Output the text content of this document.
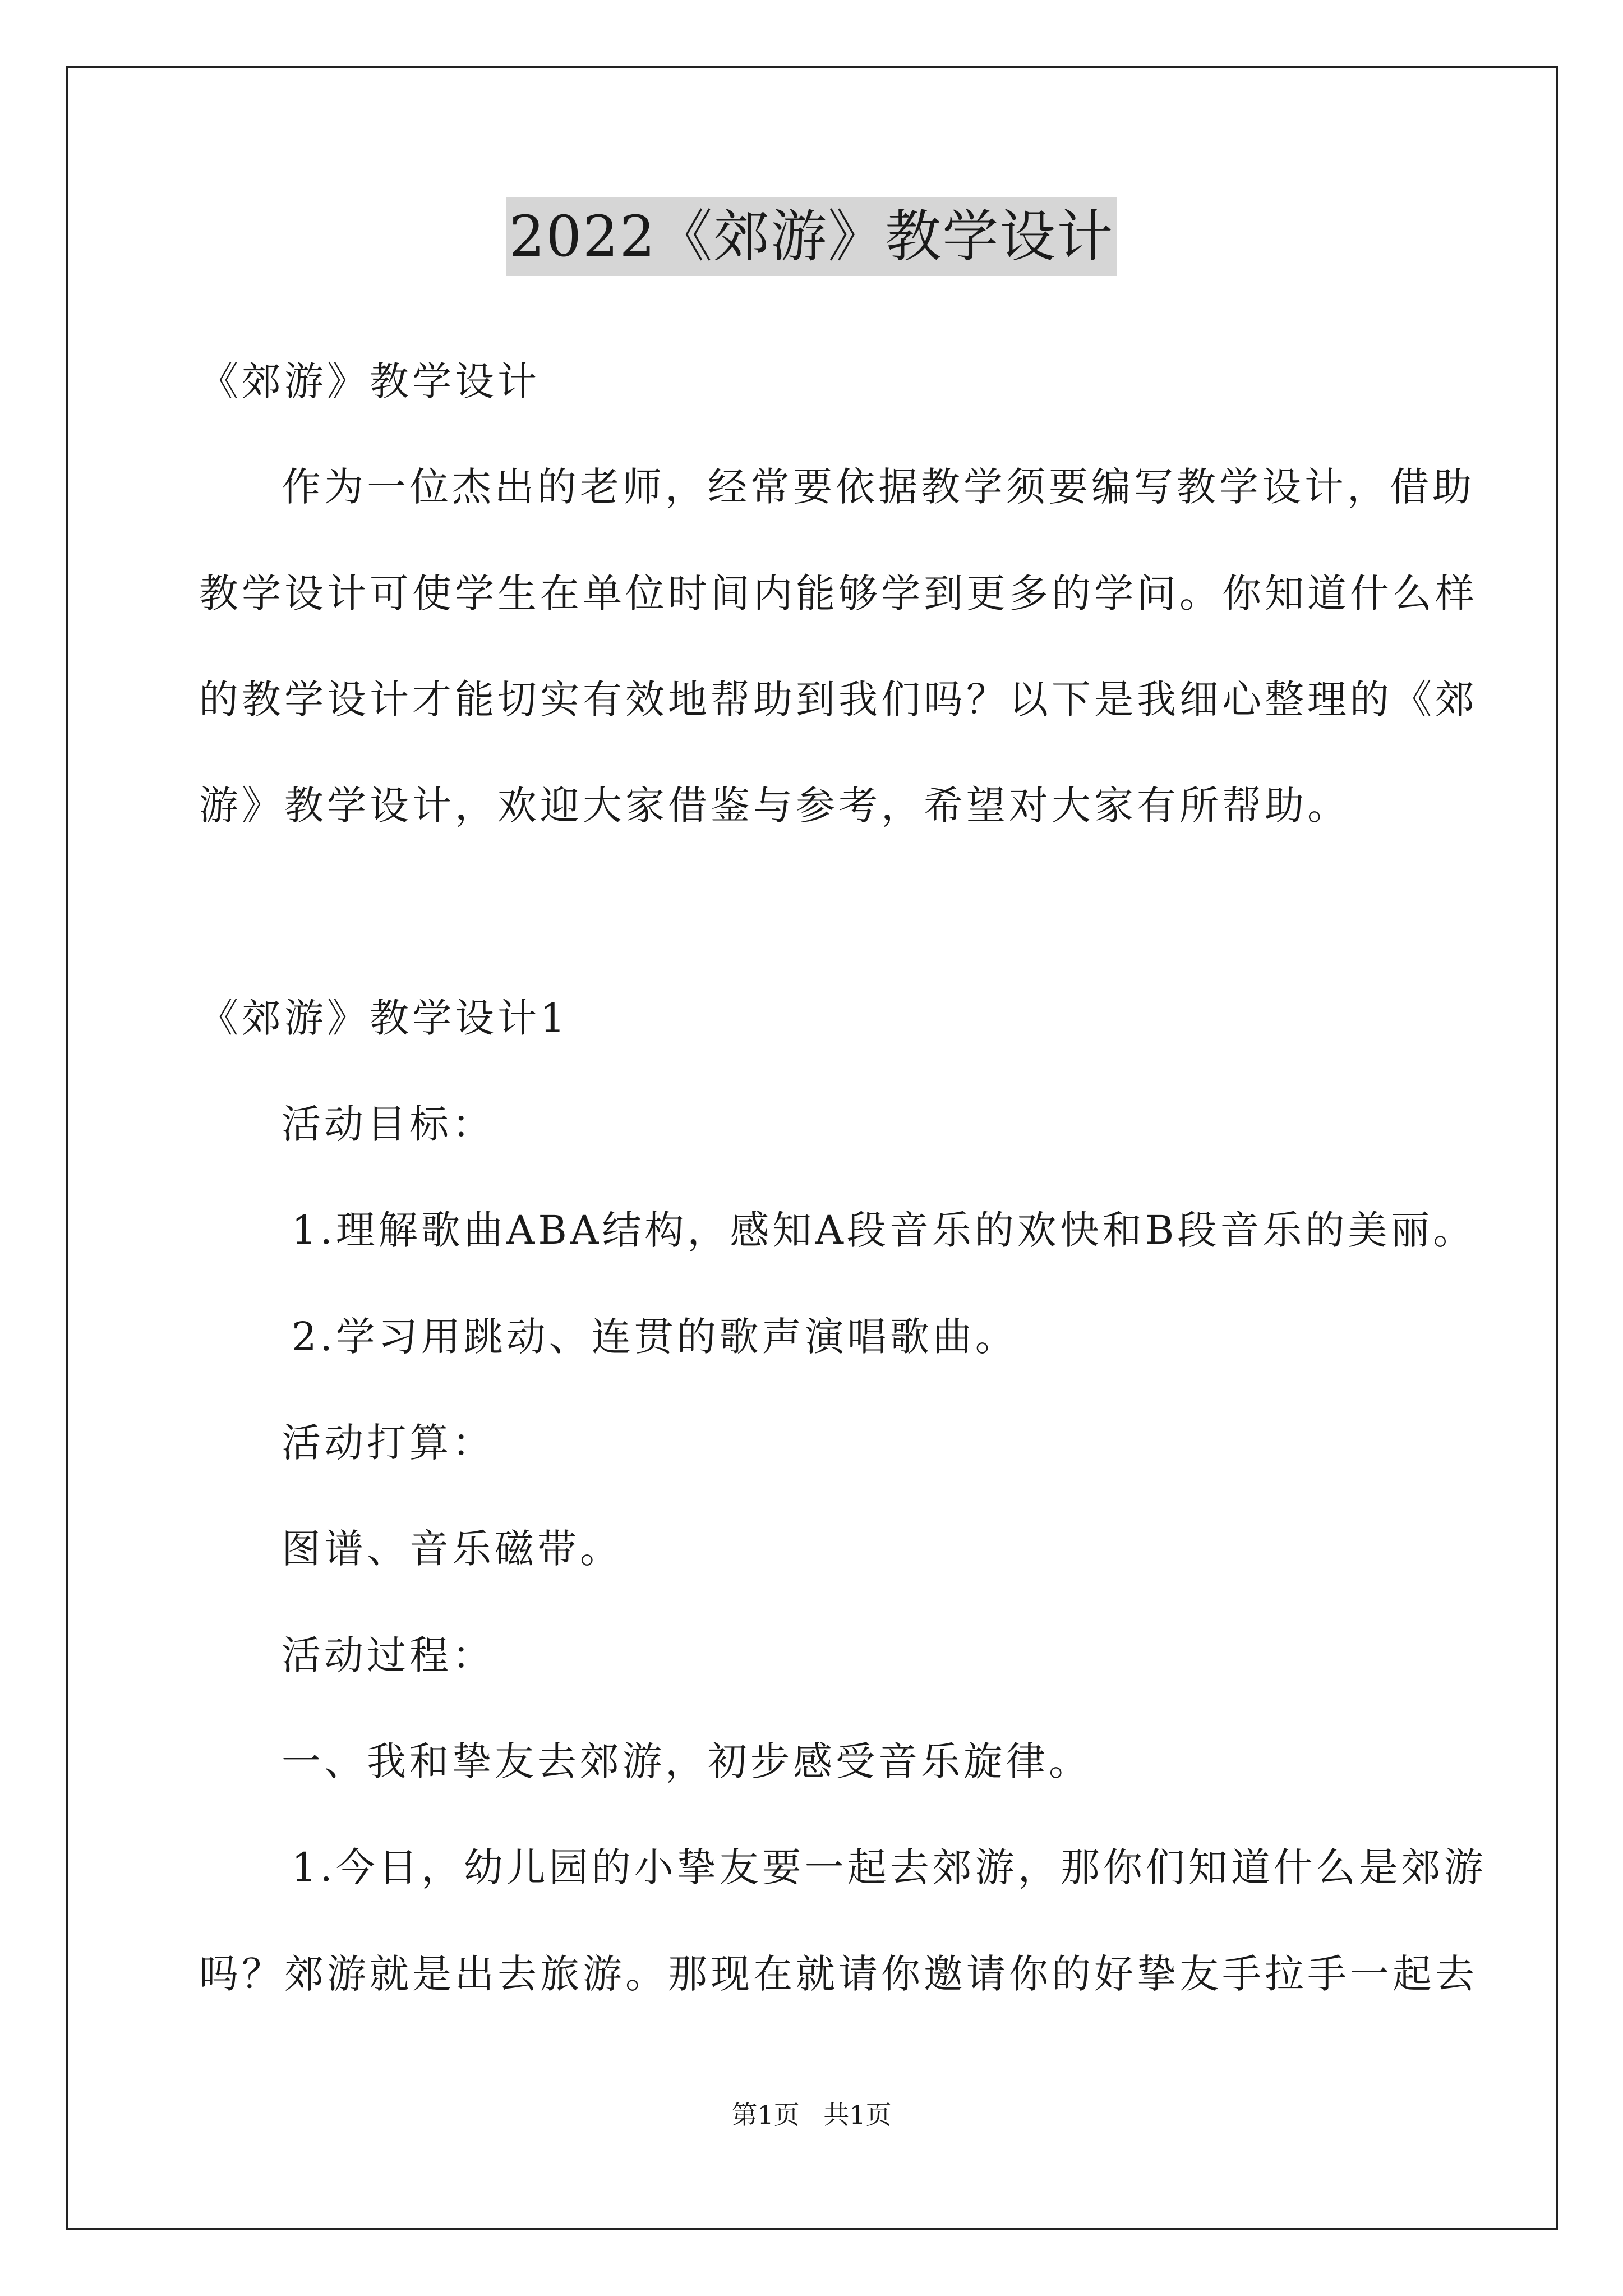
2022《郊游》教学设计
《郊游》教学设计
作为一位杰出的老师，经常要依据教学须要编写教学设计，借助
教学设计可使学生在单位时间内能够学到更多的学问。你知道什么样
的教学设计才能切实有效地帮助到我们吗？以下是我细心整理的《郊
游》教学设计，欢迎大家借鉴与参考，希望对大家有所帮助。
《郊游》教学设计1
活动目标：
1.理解歌曲ABA结构，感知A段音乐的欢快和B段音乐的美丽。
2.学习用跳动、连贯的歌声演唱歌曲。
活动打算：
图谱、音乐磁带。
活动过程：
一、我和挚友去郊游，初步感受音乐旋律。
1.今日，幼儿园的小挚友要一起去郊游，那你们知道什么是郊游
吗？郊游就是出去旅游。那现在就请你邀请你的好挚友手拉手一起去
第1页 共1页
